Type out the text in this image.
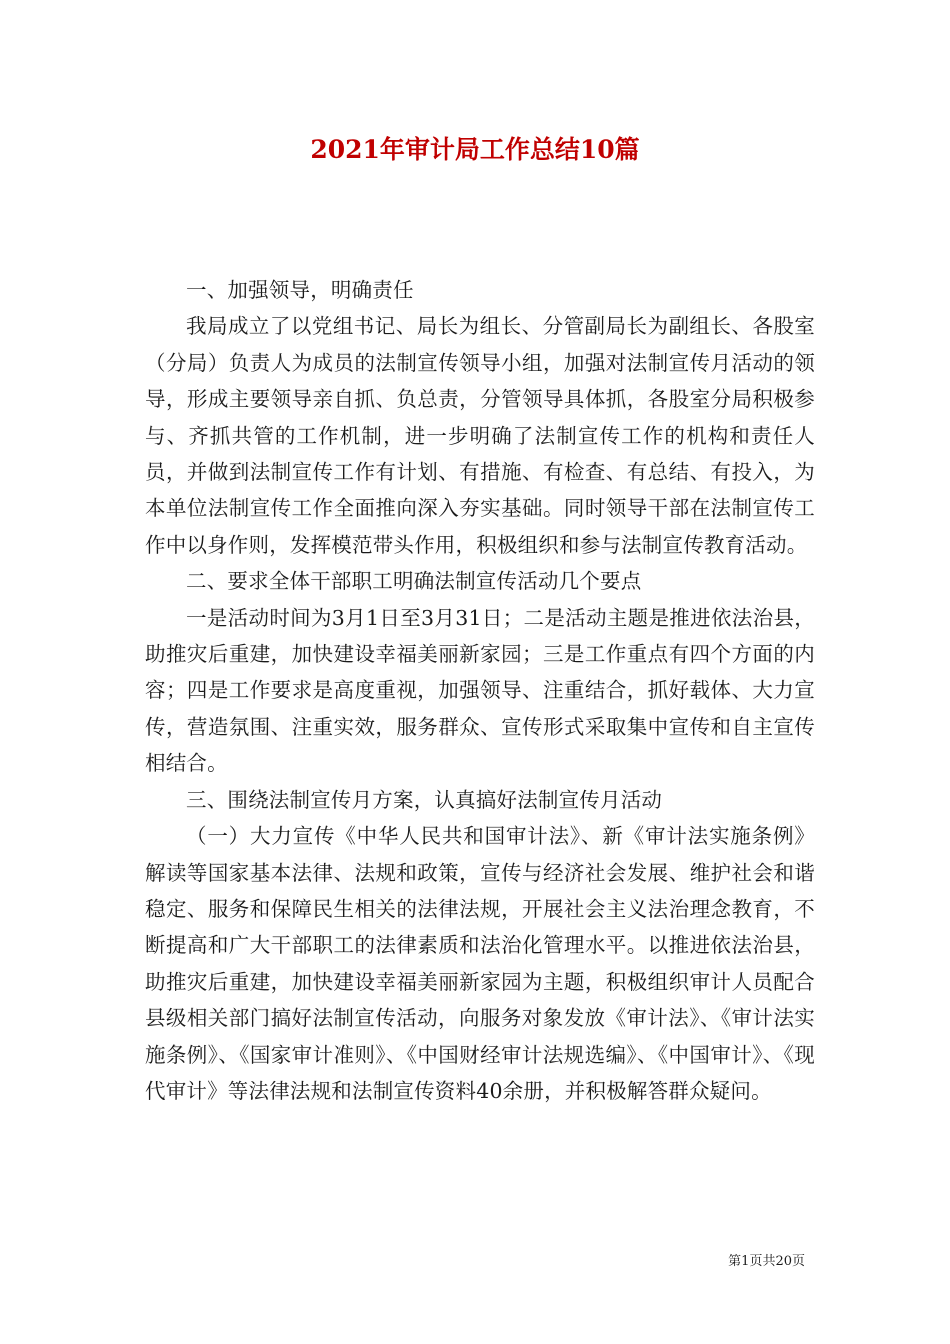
2021年审计局工作总结10篇

一、加强领导，明确责任

我局成立了以党组书记、局长为组长、分管副局长为副组长、各股室（分局）负责人为成员的法制宣传领导小组，加强对法制宣传月活动的领导，形成主要领导亲自抓、负总责，分管领导具体抓，各股室分局积极参与、齐抓共管的工作机制，进一步明确了法制宣传工作的机构和责任人员，并做到法制宣传工作有计划、有措施、有检查、有总结、有投入，为本单位法制宣传工作全面推向深入夯实基础。同时领导干部在法制宣传工作中以身作则，发挥模范带头作用，积极组织和参与法制宣传教育活动。

二、要求全体干部职工明确法制宣传活动几个要点

一是活动时间为3月1日至3月31日；二是活动主题是推进依法治县，助推灾后重建，加快建设幸福美丽新家园；三是工作重点有四个方面的内容；四是工作要求是高度重视，加强领导、注重结合，抓好载体、大力宣传，营造氛围、注重实效，服务群众、宣传形式采取集中宣传和自主宣传相结合。

三、围绕法制宣传月方案，认真搞好法制宣传月活动

（一）大力宣传《中华人民共和国审计法》、新《审计法实施条例》解读等国家基本法律、法规和政策，宣传与经济社会发展、维护社会和谐稳定、服务和保障民生相关的法律法规，开展社会主义法治理念教育，不断提高和广大干部职工的法律素质和法治化管理水平。以推进依法治县，助推灾后重建，加快建设幸福美丽新家园为主题，积极组织审计人员配合县级相关部门搞好法制宣传活动，向服务对象发放《审计法》、《审计法实施条例》、《国家审计准则》、《中国财经审计法规选编》、《中国审计》、《现代审计》等法律法规和法制宣传资料40余册，并积极解答群众疑问。

第1页共20页
